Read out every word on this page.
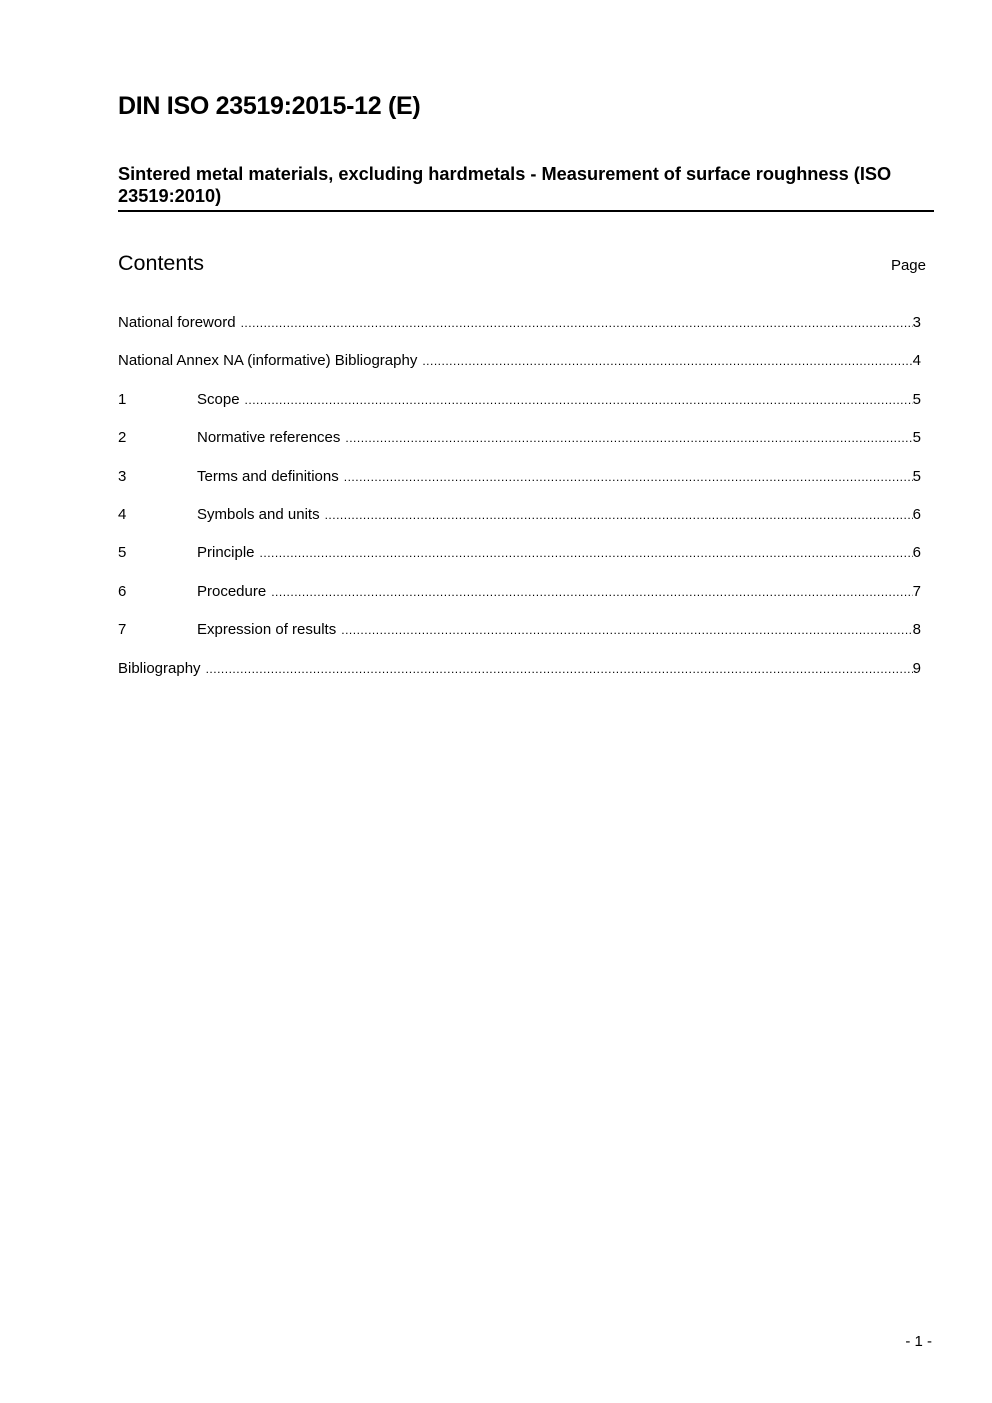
DIN ISO 23519:2015-12 (E)
Sintered metal materials, excluding hardmetals - Measurement of surface roughness (ISO 23519:2010)
Contents	Page
National foreword .....	3
National Annex NA (informative) Bibliography .....	4
1	Scope .....	5
2	Normative references .....	5
3	Terms and definitions .....	5
4	Symbols and units .....	6
5	Principle .....	6
6	Procedure .....	7
7	Expression of results .....	8
Bibliography .....	9
- 1 -
